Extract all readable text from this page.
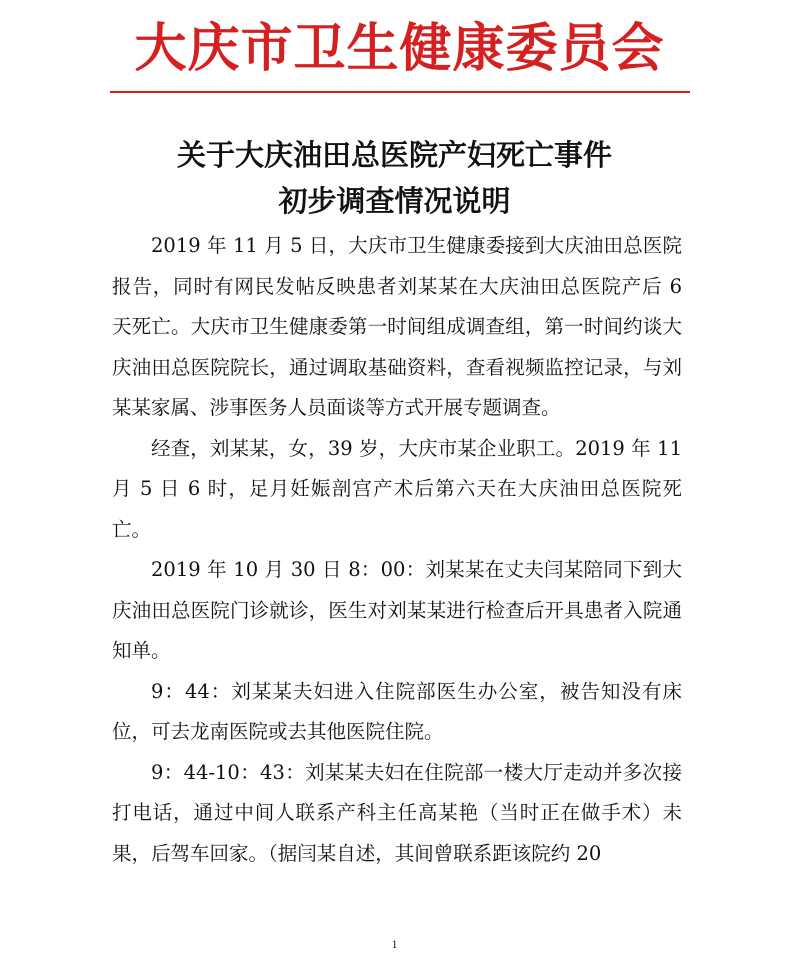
大庆市卫生健康委员会
关于大庆油田总医院产妇死亡事件
初步调查情况说明

2019 年 11 月 5 日，大庆市卫生健康委接到大庆油田总医院报告，同时有网民发帖反映患者刘某某在大庆油田总医院产后 6 天死亡。大庆市卫生健康委第一时间组成调查组，第一时间约谈大庆油田总医院院长，通过调取基础资料，查看视频监控记录，与刘某某家属、涉事医务人员面谈等方式开展专题调查。

经查，刘某某，女，39 岁，大庆市某企业职工。2019 年 11 月 5 日 6 时，足月妊娠剖宫产术后第六天在大庆油田总医院死亡。

2019 年 10 月 30 日 8：00：刘某某在丈夫闫某陪同下到大庆油田总医院门诊就诊，医生对刘某某进行检查后开具患者入院通知单。

9：44：刘某某夫妇进入住院部医生办公室，被告知没有床位，可去龙南医院或去其他医院住院。

9：44-10：43：刘某某夫妇在住院部一楼大厅走动并多次接打电话，通过中间人联系产科主任高某艳（当时正在做手术）未果，后驾车回家。（据闫某自述，其间曾联系距该院约 20

1
